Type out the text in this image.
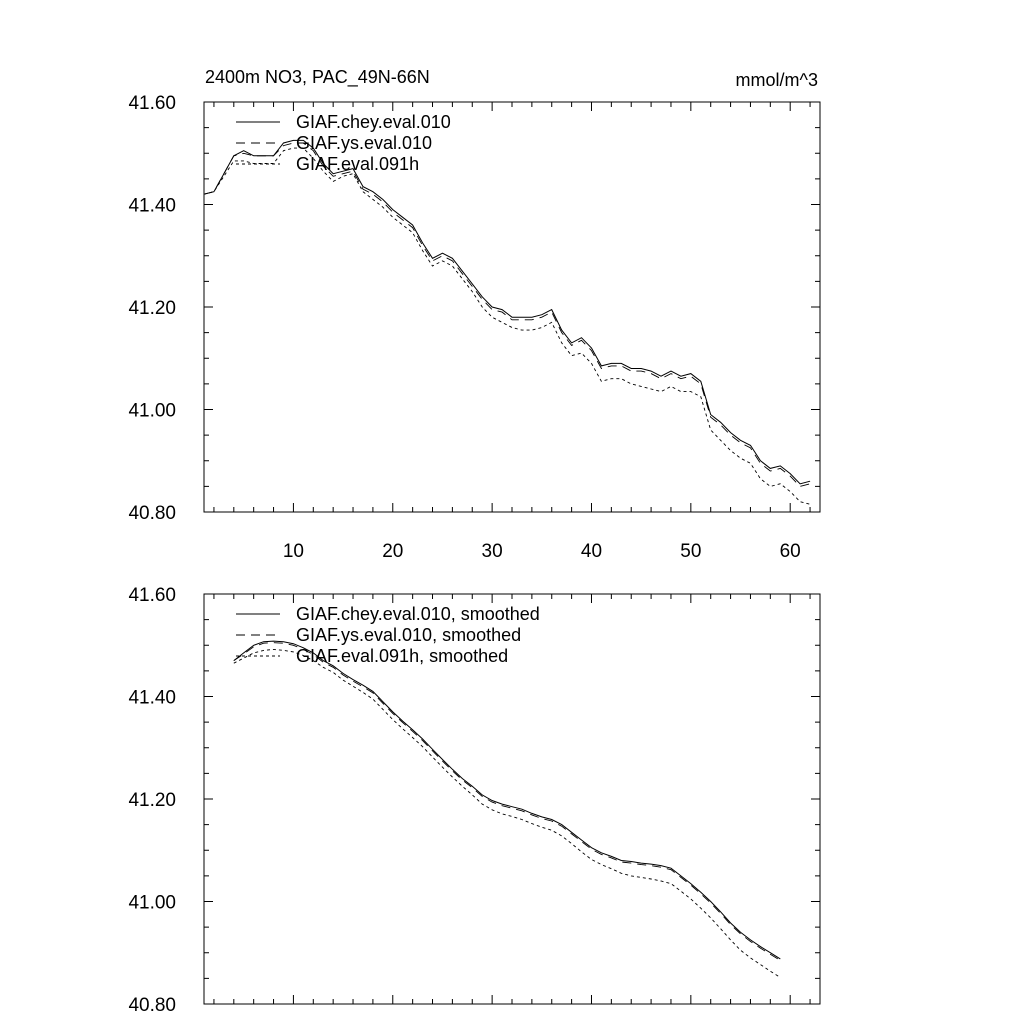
2400m NO3, PAC_49N-66N	mmol/m^3
40.80
41.00
41.20
41.40
41.60
10	20	30	40	50	60
GIAF.chey.eval.010
GIAF.ys.eval.010
GIAF.eval.091h
40.80
41.00
41.20
41.40
41.60
GIAF.chey.eval.010, smoothed
GIAF.ys.eval.010, smoothed
GIAF.eval.091h, smoothed
